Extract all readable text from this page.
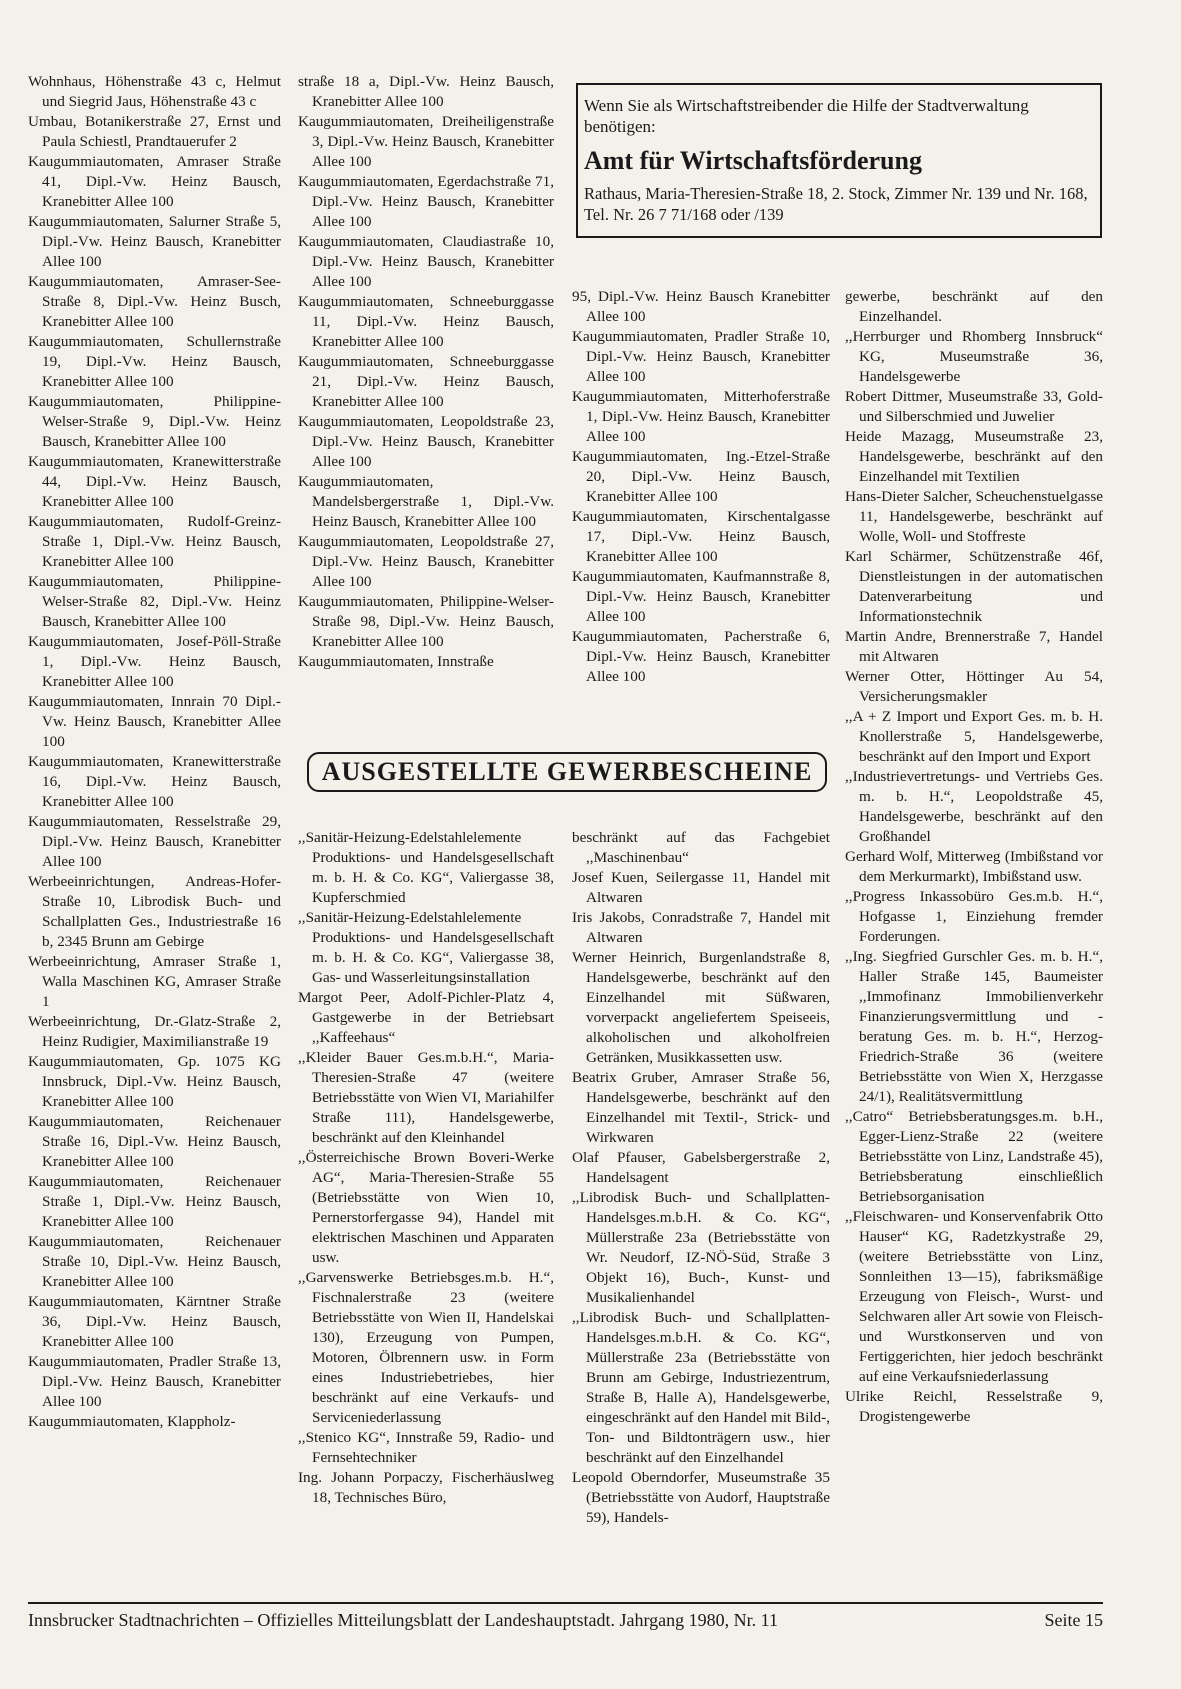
Wohnhaus, Höhenstraße 43 c, Helmut und Siegrid Jaus, Höhenstraße 43 c
Umbau, Botanikerstraße 27, Ernst und Paula Schiestl, Prandtauerufer 2
Kaugummiautomaten, Amraser Straße 41, Dipl.-Vw. Heinz Bausch, Kranebitter Allee 100
Kaugummiautomaten, Salurner Straße 5, Dipl.-Vw. Heinz Bausch, Kranebitter Allee 100
Kaugummiautomaten, Amraser-See-Straße 8, Dipl.-Vw. Heinz Busch, Kranebitter Allee 100
Kaugummiautomaten, Schullernstraße 19, Dipl.-Vw. Heinz Bausch, Kranebitter Allee 100
Kaugummiautomaten, Philippine-Welser-Straße 9, Dipl.-Vw. Heinz Bausch, Kranebitter Allee 100
Kaugummiautomaten, Kranewitterstraße 44, Dipl.-Vw. Heinz Bausch, Kranebitter Allee 100
Kaugummiautomaten, Rudolf-Greinz-Straße 1, Dipl.-Vw. Heinz Bausch, Kranebitter Allee 100
Kaugummiautomaten, Philippine-Welser-Straße 82, Dipl.-Vw. Heinz Bausch, Kranebitter Allee 100
Kaugummiautomaten, Josef-Pöll-Straße 1, Dipl.-Vw. Heinz Bausch, Kranebitter Allee 100
Kaugummiautomaten, Innrain 70 Dipl.-Vw. Heinz Bausch, Kranebitter Allee 100
Kaugummiautomaten, Kranewitterstraße 16, Dipl.-Vw. Heinz Bausch, Kranebitter Allee 100
Kaugummiautomaten, Resselstraße 29, Dipl.-Vw. Heinz Bausch, Kranebitter Allee 100
Werbeeinrichtungen, Andreas-Hofer-Straße 10, Librodisk Buch- und Schallplatten Ges., Industriestraße 16 b, 2345 Brunn am Gebirge
Werbeeinrichtung, Amraser Straße 1, Walla Maschinen KG, Amraser Straße 1
Werbeeinrichtung, Dr.-Glatz-Straße 2, Heinz Rudigier, Maximilianstraße 19
Kaugummiautomaten, Gp. 1075 KG Innsbruck, Dipl.-Vw. Heinz Bausch, Kranebitter Allee 100
Kaugummiautomaten, Reichenauer Straße 16, Dipl.-Vw. Heinz Bausch, Kranebitter Allee 100
Kaugummiautomaten, Reichenauer Straße 1, Dipl.-Vw. Heinz Bausch, Kranebitter Allee 100
Kaugummiautomaten, Reichenauer Straße 10, Dipl.-Vw. Heinz Bausch, Kranebitter Allee 100
Kaugummiautomaten, Kärntner Straße 36, Dipl.-Vw. Heinz Bausch, Kranebitter Allee 100
Kaugummiautomaten, Pradler Straße 13, Dipl.-Vw. Heinz Bausch, Kranebitter Allee 100
Kaugummiautomaten, Klappholz-
straße 18 a, Dipl.-Vw. Heinz Bausch, Kranebitter Allee 100
Kaugummiautomaten, Dreiheiligenstraße 3, Dipl.-Vw. Heinz Bausch, Kranebitter Allee 100
Kaugummiautomaten, Egerdachstraße 71, Dipl.-Vw. Heinz Bausch, Kranebitter Allee 100
Kaugummiautomaten, Claudiastraße 10, Dipl.-Vw. Heinz Bausch, Kranebitter Allee 100
Kaugummiautomaten, Schneeburggasse 11, Dipl.-Vw. Heinz Bausch, Kranebitter Allee 100
Kaugummiautomaten, Schneeburggasse 21, Dipl.-Vw. Heinz Bausch, Kranebitter Allee 100
Kaugummiautomaten, Leopoldstraße 23, Dipl.-Vw. Heinz Bausch, Kranebitter Allee 100
Kaugummiautomaten, Mandelsbergerstraße 1, Dipl.-Vw. Heinz Bausch, Kranebitter Allee 100
Kaugummiautomaten, Leopoldstraße 27, Dipl.-Vw. Heinz Bausch, Kranebitter Allee 100
Kaugummiautomaten, Philippine-Welser-Straße 98, Dipl.-Vw. Heinz Bausch, Kranebitter Allee 100
Kaugummiautomaten, Innstraße
Wenn Sie als Wirtschaftstreibender die Hilfe der Stadtverwaltung benötigen:
Amt für Wirtschaftsförderung
Rathaus, Maria-Theresien-Straße 18, 2. Stock, Zimmer Nr. 139 und Nr. 168, Tel. Nr. 26 7 71/168 oder /139
95, Dipl.-Vw. Heinz Bausch Kranebitter Allee 100
Kaugummiautomaten, Pradler Straße 10, Dipl.-Vw. Heinz Bausch, Kranebitter Allee 100
Kaugummiautomaten, Mitterhoferstraße 1, Dipl.-Vw. Heinz Bausch, Kranebitter Allee 100
Kaugummiautomaten, Ing.-Etzel-Straße 20, Dipl.-Vw. Heinz Bausch, Kranebitter Allee 100
Kaugummiautomaten, Kirschentalgasse 17, Dipl.-Vw. Heinz Bausch, Kranebitter Allee 100
Kaugummiautomaten, Kaufmannstraße 8, Dipl.-Vw. Heinz Bausch, Kranebitter Allee 100
Kaugummiautomaten, Pacherstraße 6, Dipl.-Vw. Heinz Bausch, Kranebitter Allee 100
gewerbe, beschränkt auf den Einzelhandel.
,,Herrburger und Rhomberg Innsbruck“ KG, Museumstraße 36, Handelsgewerbe
Robert Dittmer, Museumstraße 33, Gold- und Silberschmied und Juwelier
Heide Mazagg, Museumstraße 23, Handelsgewerbe, beschränkt auf den Einzelhandel mit Textilien
Hans-Dieter Salcher, Scheuchenstuelgasse 11, Handelsgewerbe, beschränkt auf Wolle, Woll- und Stoffreste
Karl Schärmer, Schützenstraße 46f, Dienstleistungen in der automatischen Datenverarbeitung und Informationstechnik
Martin Andre, Brennerstraße 7, Handel mit Altwaren
Werner Otter, Höttinger Au 54, Versicherungsmakler
,,A + Z Import und Export Ges. m. b. H. Knollerstraße 5, Handelsgewerbe, beschränkt auf den Import und Export
,,Industrievertretungs- und Vertriebs Ges. m. b. H.“, Leopoldstraße 45, Handelsgewerbe, beschränkt auf den Großhandel
Gerhard Wolf, Mitterweg (Imbißstand vor dem Merkurmarkt), Imbißstand usw.
,,Progress Inkassobüro Ges.m.b. H.“, Hofgasse 1, Einziehung fremder Forderungen.
,,Ing. Siegfried Gurschler Ges. m. b. H.“, Haller Straße 145, Baumeister ,,Immofinanz Immobilienverkehr Finanzierungsvermittlung und -beratung Ges. m. b. H.“, Herzog-Friedrich-Straße 36 (weitere Betriebsstätte von Wien X, Herzgasse 24/1), Realitätsvermittlung
,,Catro“ Betriebsberatungsges.m. b.H., Egger-Lienz-Straße 22 (weitere Betriebsstätte von Linz, Landstraße 45), Betriebsberatung einschließlich Betriebsorganisation
,,Fleischwaren- und Konservenfabrik Otto Hauser“ KG, Radetzkystraße 29, (weitere Betriebsstätte von Linz, Sonnleithen 13—15), fabriksmäßige Erzeugung von Fleisch-, Wurst- und Selchwaren aller Art sowie von Fleisch- und Wurstkonserven und von Fertiggerichten, hier jedoch beschränkt auf eine Verkaufsniederlassung
Ulrike Reichl, Resselstraße 9, Drogistengewerbe
AUSGESTELLTE GEWERBESCHEINE
,,Sanitär-Heizung-Edelstahlelemente Produktions- und Handelsgesellschaft m. b. H. & Co. KG“, Valiergasse 38, Kupferschmied
,,Sanitär-Heizung-Edelstahlelemente Produktions- und Handelsgesellschaft m. b. H. & Co. KG“, Valiergasse 38, Gas- und Wasserleitungsinstallation
Margot Peer, Adolf-Pichler-Platz 4, Gastgewerbe in der Betriebsart ,,Kaffeehaus“
,,Kleider Bauer Ges.m.b.H.“, Maria-Theresien-Straße 47 (weitere Betriebsstätte von Wien VI, Mariahilfer Straße 111), Handelsgewerbe, beschränkt auf den Kleinhandel
,,Österreichische Brown Boveri-Werke AG“, Maria-Theresien-Straße 55 (Betriebsstätte von Wien 10, Pernerstorfergasse 94), Handel mit elektrischen Maschinen und Apparaten usw.
,,Garvenswerke Betriebsges.m.b. H.“, Fischnalerstraße 23 (weitere Betriebsstätte von Wien II, Handelskai 130), Erzeugung von Pumpen, Motoren, Ölbrennern usw. in Form eines Industriebetriebes, hier beschränkt auf eine Verkaufs- und Serviceniederlassung
,,Stenico KG“, Innstraße 59, Radio- und Fernsehtechniker
Ing. Johann Porpaczy, Fischerhäuslweg 18, Technisches Büro,
beschränkt auf das Fachgebiet ,,Maschinenbau“
Josef Kuen, Seilergasse 11, Handel mit Altwaren
Iris Jakobs, Conradstraße 7, Handel mit Altwaren
Werner Heinrich, Burgenlandstraße 8, Handelsgewerbe, beschränkt auf den Einzelhandel mit Süßwaren, vorverpackt angeliefertem Speiseeis, alkoholischen und alkoholfreien Getränken, Musikkassetten usw.
Beatrix Gruber, Amraser Straße 56, Handelsgewerbe, beschränkt auf den Einzelhandel mit Textil-, Strick- und Wirkwaren
Olaf Pfauser, Gabelsbergerstraße 2, Handelsagent
,,Librodisk Buch- und Schallplatten-Handelsges.m.b.H. & Co. KG“, Müllerstraße 23a (Betriebsstätte von Wr. Neudorf, IZ-NÖ-Süd, Straße 3 Objekt 16), Buch-, Kunst- und Musikalienhandel
,,Librodisk Buch- und Schallplatten-Handelsges.m.b.H. & Co. KG“, Müllerstraße 23a (Betriebsstätte von Brunn am Gebirge, Industriezentrum, Straße B, Halle A), Handelsgewerbe, eingeschränkt auf den Handel mit Bild-, Ton- und Bildtonträgern usw., hier beschränkt auf den Einzelhandel
Leopold Oberndorfer, Museumstraße 35 (Betriebsstätte von Audorf, Hauptstraße 59), Handels-
Innsbrucker Stadtnachrichten – Offizielles Mitteilungsblatt der Landeshauptstadt. Jahrgang 1980, Nr. 11	Seite 15
